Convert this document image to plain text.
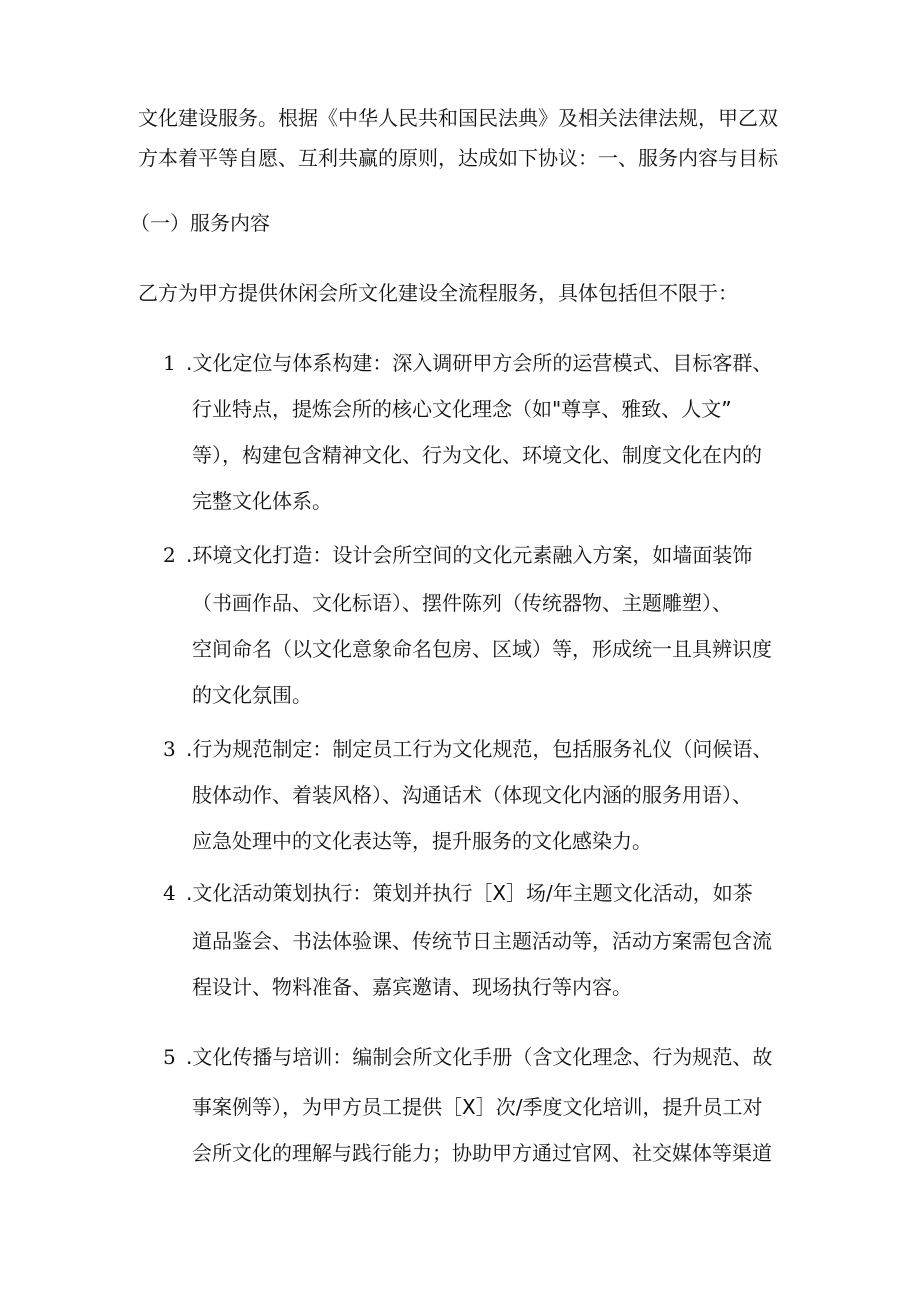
文化建设服务。根据《中华人民共和国民法典》及相关法律法规，甲乙双
方本着平等自愿、互利共赢的原则，达成如下协议：一、服务内容与目标
（一）服务内容
乙方为甲方提供休闲会所文化建设全流程服务，具体包括但不限于：
1 .文化定位与体系构建：深入调研甲方会所的运营模式、目标客群、
行业特点，提炼会所的核心文化理念（如"尊享、雅致、人文”
等），构建包含精神文化、行为文化、环境文化、制度文化在内的
完整文化体系。
2 .环境文化打造：设计会所空间的文化元素融入方案，如墙面装饰
（书画作品、文化标语）、摆件陈列（传统器物、主题雕塑）、
空间命名（以文化意象命名包房、区域）等，形成统一且具辨识度
的文化氛围。
3 .行为规范制定：制定员工行为文化规范，包括服务礼仪（问候语、
肢体动作、着装风格）、沟通话术（体现文化内涵的服务用语）、
应急处理中的文化表达等，提升服务的文化感染力。
4 .文化活动策划执行：策划并执行［X］场/年主题文化活动，如茶
道品鉴会、书法体验课、传统节日主题活动等，活动方案需包含流
程设计、物料准备、嘉宾邀请、现场执行等内容。
5 .文化传播与培训：编制会所文化手册（含文化理念、行为规范、故
事案例等），为甲方员工提供［X］次/季度文化培训，提升员工对
会所文化的理解与践行能力；协助甲方通过官网、社交媒体等渠道
